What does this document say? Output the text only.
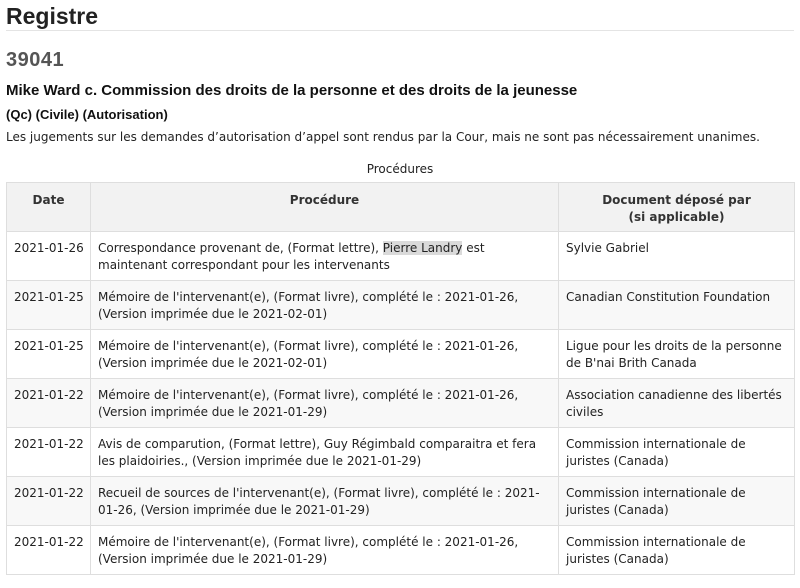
Registre
39041
Mike Ward c. Commission des droits de la personne et des droits de la jeunesse
(Qc) (Civile) (Autorisation)
Les jugements sur les demandes d’autorisation d’appel sont rendus par la Cour, mais ne sont pas nécessairement unanimes.
Procédures
Date	Procédure	Document déposé par
(si applicable)
2021-01-26	Correspondance provenant de, (Format lettre), Pierre Landry est maintenant correspondant pour les intervenants	Sylvie Gabriel
2021-01-25	Mémoire de l'intervenant(e), (Format livre), complété le : 2021-01-26, (Version imprimée due le 2021-02-01)	Canadian Constitution Foundation
2021-01-25	Mémoire de l'intervenant(e), (Format livre), complété le : 2021-01-26, (Version imprimée due le 2021-02-01)	Ligue pour les droits de la personne de B'nai Brith Canada
2021-01-22	Mémoire de l'intervenant(e), (Format livre), complété le : 2021-01-26, (Version imprimée due le 2021-01-29)	Association canadienne des libertés civiles
2021-01-22	Avis de comparution, (Format lettre), Guy Régimbald comparaitra et fera les plaidoiries., (Version imprimée due le 2021-01-29)	Commission internationale de juristes (Canada)
2021-01-22	Recueil de sources de l'intervenant(e), (Format livre), complété le : 2021-01-26, (Version imprimée due le 2021-01-29)	Commission internationale de juristes (Canada)
2021-01-22	Mémoire de l'intervenant(e), (Format livre), complété le : 2021-01-26, (Version imprimée due le 2021-01-29)	Commission internationale de juristes (Canada)
